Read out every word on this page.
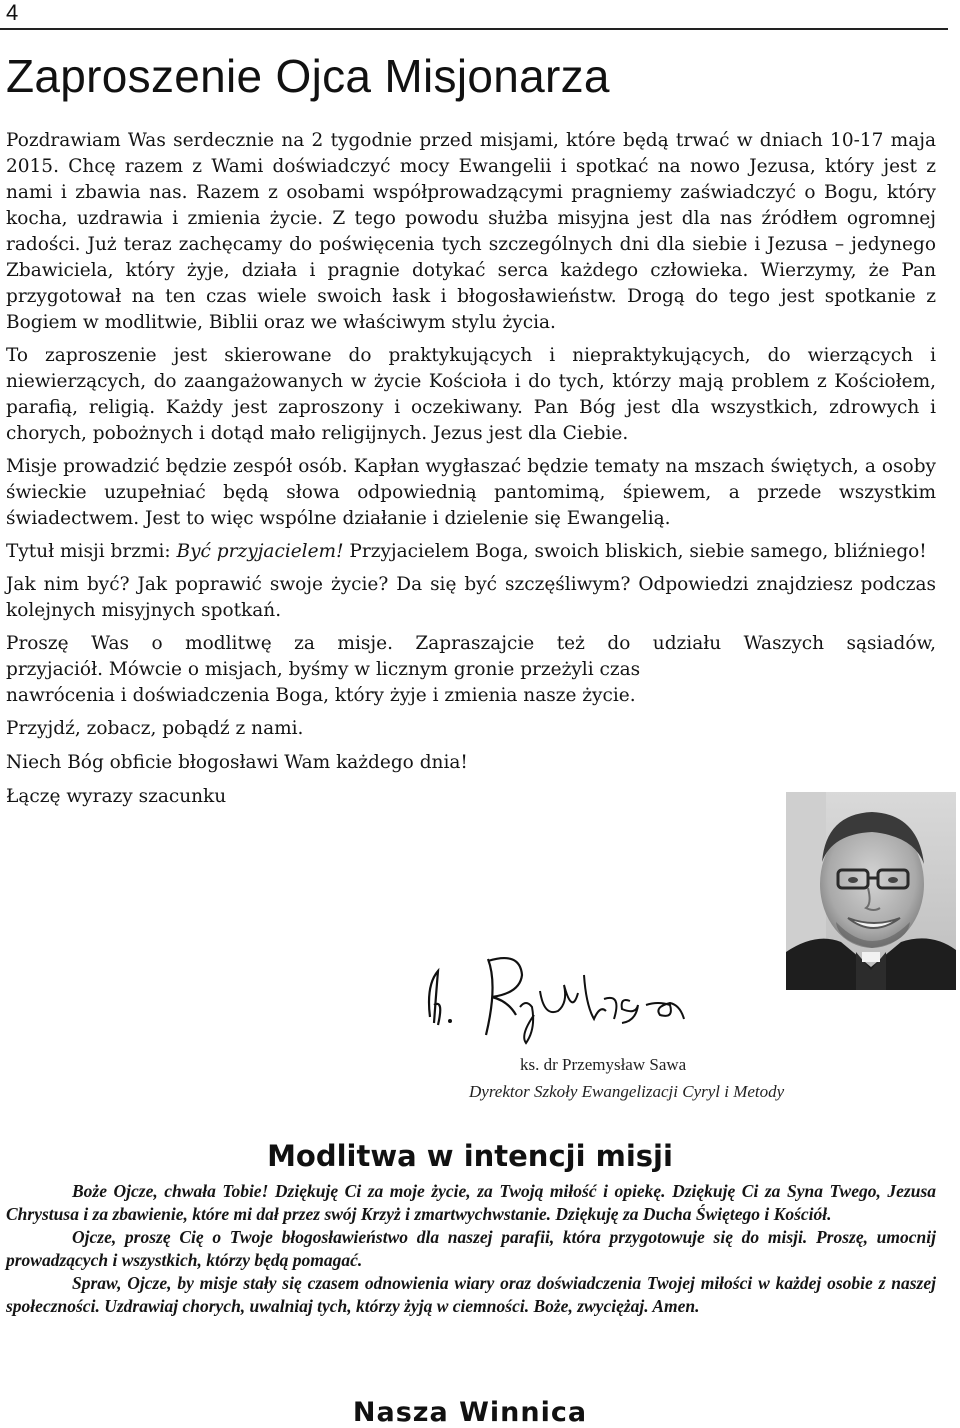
4
Zaproszenie Ojca Misjonarza

Pozdrawiam Was serdecznie na 2 tygodnie przed misjami, które będą trwać w dniach 10-17 maja 2015. Chcę razem z Wami doświadczyć mocy Ewangelii i spotkać na nowo Jezusa, który jest z nami i zbawia nas. Razem z osobami współprowadzącymi pragniemy zaświadczyć o Bogu, który kocha, uzdrawia i zmienia życie. Z tego powodu służba misyjna jest dla nas źródłem ogromnej radości. Już teraz zachęcamy do poświęcenia tych szczególnych dni dla siebie i Jezusa – jedynego Zbawiciela, który żyje, działa i pragnie dotykać serca każdego człowieka. Wierzymy, że Pan przygotował na ten czas wiele swoich łask i błogosławieństw. Drogą do tego jest spotkanie z Bogiem w modlitwie, Biblii oraz we właściwym stylu życia.

To zaproszenie jest skierowane do praktykujących i niepraktykujących, do wierzących i niewierzących, do zaangażowanych w życie Kościoła i do tych, którzy mają problem z Kościołem, parafią, religią. Każdy jest zaproszony i oczekiwany. Pan Bóg jest dla wszystkich, zdrowych i chorych, pobożnych i dotąd mało religijnych. Jezus jest dla Ciebie.

Misje prowadzić będzie zespół osób. Kapłan wygłaszać będzie tematy na mszach świętych, a osoby świeckie uzupełniać będą słowa odpowiednią pantomimą, śpiewem, a przede wszystkim świadectwem. Jest to więc wspólne działanie i dzielenie się Ewangelią.

Tytuł misji brzmi: Być przyjacielem! Przyjacielem Boga, swoich bliskich, siebie samego, bliźniego!

Jak nim być? Jak poprawić swoje życie? Da się być szczęśliwym? Odpowiedzi znajdziesz podczas kolejnych misyjnych spotkań.

Proszę Was o modlitwę za misje. Zapraszajcie też do udziału Waszych sąsiadów,
przyjaciół. Mówcie o misjach, byśmy w licznym gronie przeżyli czas
nawrócenia i doświadczenia Boga, który żyje i zmienia nasze życie.

Przyjdź, zobacz, pobądź z nami.

Niech Bóg obficie błogosławi Wam każdego dnia!

Łączę wyrazy szacunku

ks. dr Przemysław Sawa
Dyrektor Szkoły Ewangelizacji Cyryl i Metody
Modlitwa w intencji misji

Boże Ojcze, chwała Tobie! Dziękuję Ci za moje życie, za Twoją miłość i opiekę. Dziękuję Ci za Syna Twego, Jezusa Chrystusa i za zbawienie, które mi dał przez swój Krzyż i zmartwychwstanie. Dziękuję za Ducha Świętego i Kościół.

Ojcze, proszę Cię o Twoje błogosławieństwo dla naszej parafii, która przygotowuje się do misji. Proszę, umocnij prowadzących i wszystkich, którzy będą pomagać.

Spraw, Ojcze, by misje stały się czasem odnowienia wiary oraz doświadczenia Twojej miłości w każdej osobie z naszej społeczności. Uzdrawiaj chorych, uwalniaj tych, którzy żyją w ciemności. Boże, zwyciężaj. Amen.

Nasza Winnica
